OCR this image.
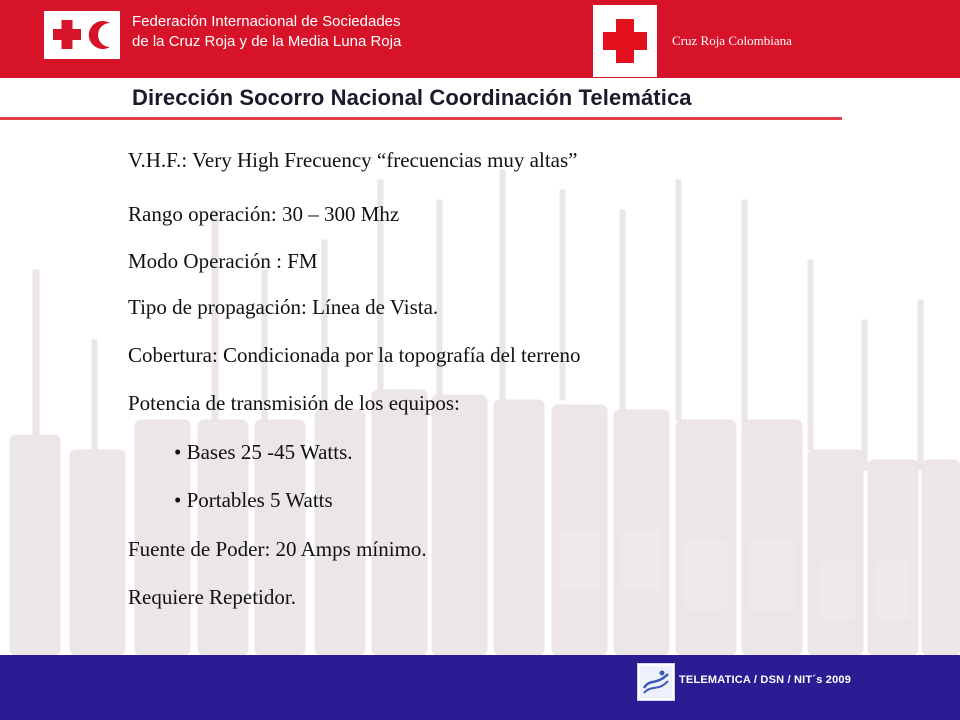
Federación Internacional de Sociedades
de la Cruz Roja y de la Media Luna Roja	Cruz Roja Colombiana
Dirección Socorro Nacional Coordinación Telemática
V.H.F.: Very High Frecuency “frecuencias muy altas”
Rango operación: 30 – 300 Mhz
Modo Operación : FM
Tipo de propagación: Línea de Vista.
Cobertura: Condicionada por la topografía del terreno
Potencia de transmisión de los equipos:
• Bases 25 -45 Watts.
• Portables 5 Watts
Fuente de Poder: 20 Amps mínimo.
Requiere Repetidor.
TELEMATICA / DSN / NIT´s 2009
